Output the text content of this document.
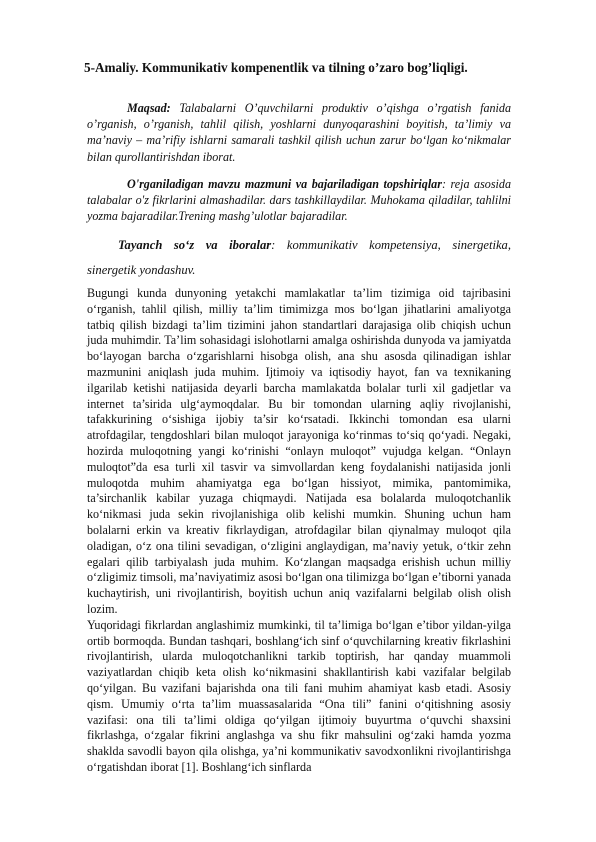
5-Amaliy. Kommunikativ kompenentlik va tilning o’zaro bog’liqligi.

Maqsad: Talabalarni O’quvchilarni produktiv o’qishga o’rgatish fanida o’rganish, o’rganish, tahlil qilish, yoshlarni dunyoqarashini boyitish, ta’limiy va ma’naviy – ma’rifiy ishlarni samarali tashkil qilish uchun zarur bo‘lgan ko‘nikmalar bilan qurollantirishdan iborat.

O'rganiladigan mavzu mazmuni va bajariladigan topshiriqlar: reja asosida talabalar o'z fikrlarini almashadilar. dars tashkillaydilar. Muhokama qiladilar, tahlilni yozma bajaradilar.Trening mashg’ulotlar bajaradilar.

Tayanch so‘z va iboralar: kommunikativ kompetensiya, sinergetika, sinergetik yondashuv.

Bugungi kunda dunyoning yetakchi mamlakatlar ta’lim tizimiga oid tajribasini o‘rganish, tahlil qilish, milliy ta’lim timimizga mos bo‘lgan jihatlarini amaliyotga tatbiq qilish bizdagi ta’lim tizimini jahon standartlari darajasiga olib chiqish uchun juda muhimdir. Ta’lim sohasidagi islohotlarni amalga oshirishda dunyoda va jamiyatda bo‘layogan barcha o‘zgarishlarni hisobga olish, ana shu asosda qilinadigan ishlar mazmunini aniqlash juda muhim. Ijtimoiy va iqtisodiy hayot, fan va texnikaning ilgarilab ketishi natijasida deyarli barcha mamlakatda bolalar turli xil gadjetlar va internet ta’sirida ulg‘aymoqdalar. Bu bir tomondan ularning aqliy rivojlanishi, tafakkurining o‘sishiga ijobiy ta’sir ko‘rsatadi. Ikkinchi tomondan esa ularni atrofdagilar, tengdoshlari bilan muloqot jarayoniga ko‘rinmas to‘siq qo‘yadi. Negaki, hozirda muloqotning yangi ko‘rinishi “onlayn muloqot” vujudga kelgan. “Onlayn muloqtot”da esa turli xil tasvir va simvollardan keng foydalanishi natijasida jonli muloqotda muhim ahamiyatga ega bo‘lgan hissiyot, mimika, pantomimika, ta’sirchanlik kabilar yuzaga chiqmaydi. Natijada esa bolalarda muloqotchanlik ko‘nikmasi juda sekin rivojlanishiga olib kelishi mumkin. Shuning uchun ham bolalarni erkin va kreativ fikrlaydigan, atrofdagilar bilan qiynalmay muloqot qila oladigan, o‘z ona tilini sevadigan, o‘zligini anglaydigan, ma’naviy yetuk, o‘tkir zehn egalari qilib tarbiyalash juda muhim. Ko‘zlangan maqsadga erishish uchun milliy o‘zligimiz timsoli, ma’naviyatimiz asosi bo‘lgan ona tilimizga bo‘lgan e’tiborni yanada kuchaytirish, uni rivojlantirish, boyitish uchun aniq vazifalarni belgilab olish olish lozim.

Yuqoridagi fikrlardan anglashimiz mumkinki, til ta’limiga bo‘lgan e’tibor yildan-yilga ortib bormoqda. Bundan tashqari, boshlang‘ich sinf o‘quvchilarning kreativ fikrlashini rivojlantirish, ularda muloqotchanlikni tarkib toptirish, har qanday muammoli vaziyatlardan chiqib keta olish ko‘nikmasini shakllantirish kabi vazifalar belgilab qo‘yilgan. Bu vazifani bajarishda ona tili fani muhim ahamiyat kasb etadi. Asosiy qism. Umumiy o‘rta ta’lim muassasalarida “Ona tili” fanini o‘qitishning asosiy vazifasi: ona tili ta’limi oldiga qo‘yilgan ijtimoiy buyurtma o‘quvchi shaxsini fikrlashga, o‘zgalar fikrini anglashga va shu fikr mahsulini og‘zaki hamda yozma shaklda savodli bayon qila olishga, ya’ni kommunikativ savodxonlikni rivojlantirishga o‘rgatishdan iborat [1]. Boshlang‘ich sinflarda
